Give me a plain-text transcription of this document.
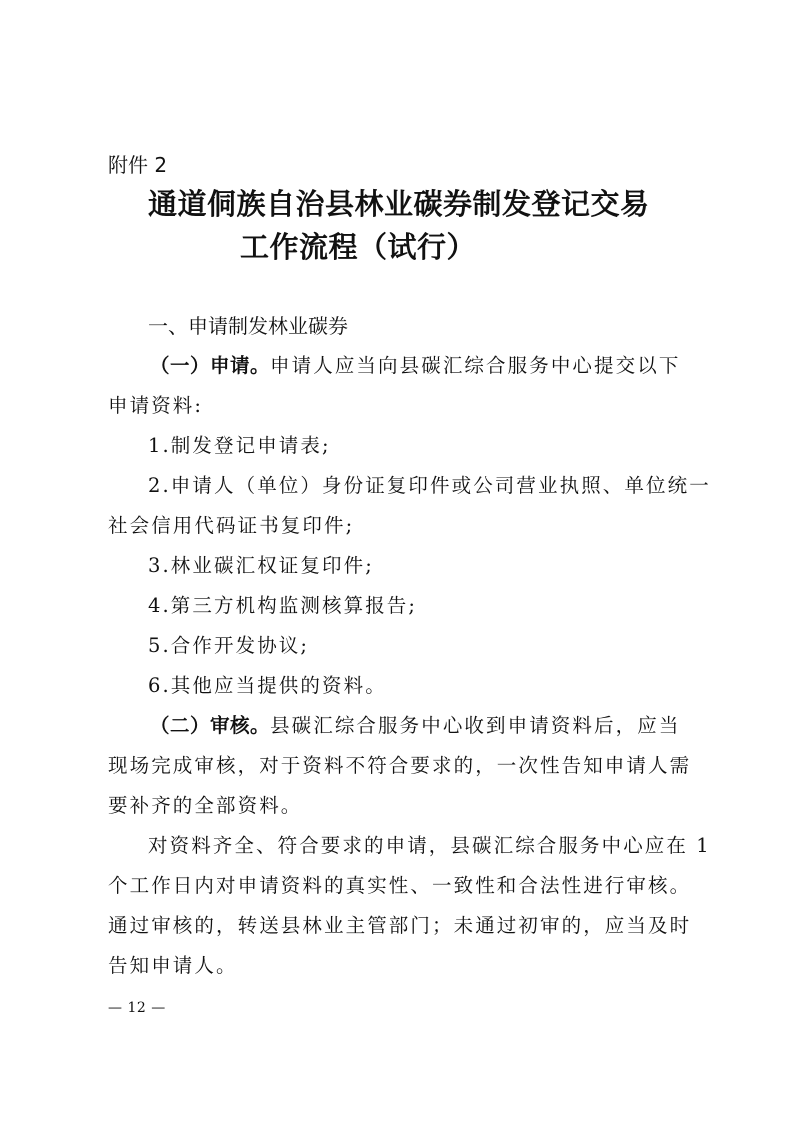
附件 2
通道侗族自治县林业碳券制发登记交易
工作流程（试行）
一、申请制发林业碳券
（一）申请。申请人应当向县碳汇综合服务中心提交以下
申请资料:
1.制发登记申请表;
2.申请人（单位）身份证复印件或公司营业执照、单位统一
社会信用代码证书复印件;
3.林业碳汇权证复印件;
4.第三方机构监测核算报告;
5.合作开发协议;
6.其他应当提供的资料。
（二）审核。县碳汇综合服务中心收到申请资料后，应当
现场完成审核，对于资料不符合要求的，一次性告知申请人需
要补齐的全部资料。
对资料齐全、符合要求的申请，县碳汇综合服务中心应在 1
个工作日内对申请资料的真实性、一致性和合法性进行审核。
通过审核的，转送县林业主管部门；未通过初审的，应当及时
告知申请人。
— 12 —
